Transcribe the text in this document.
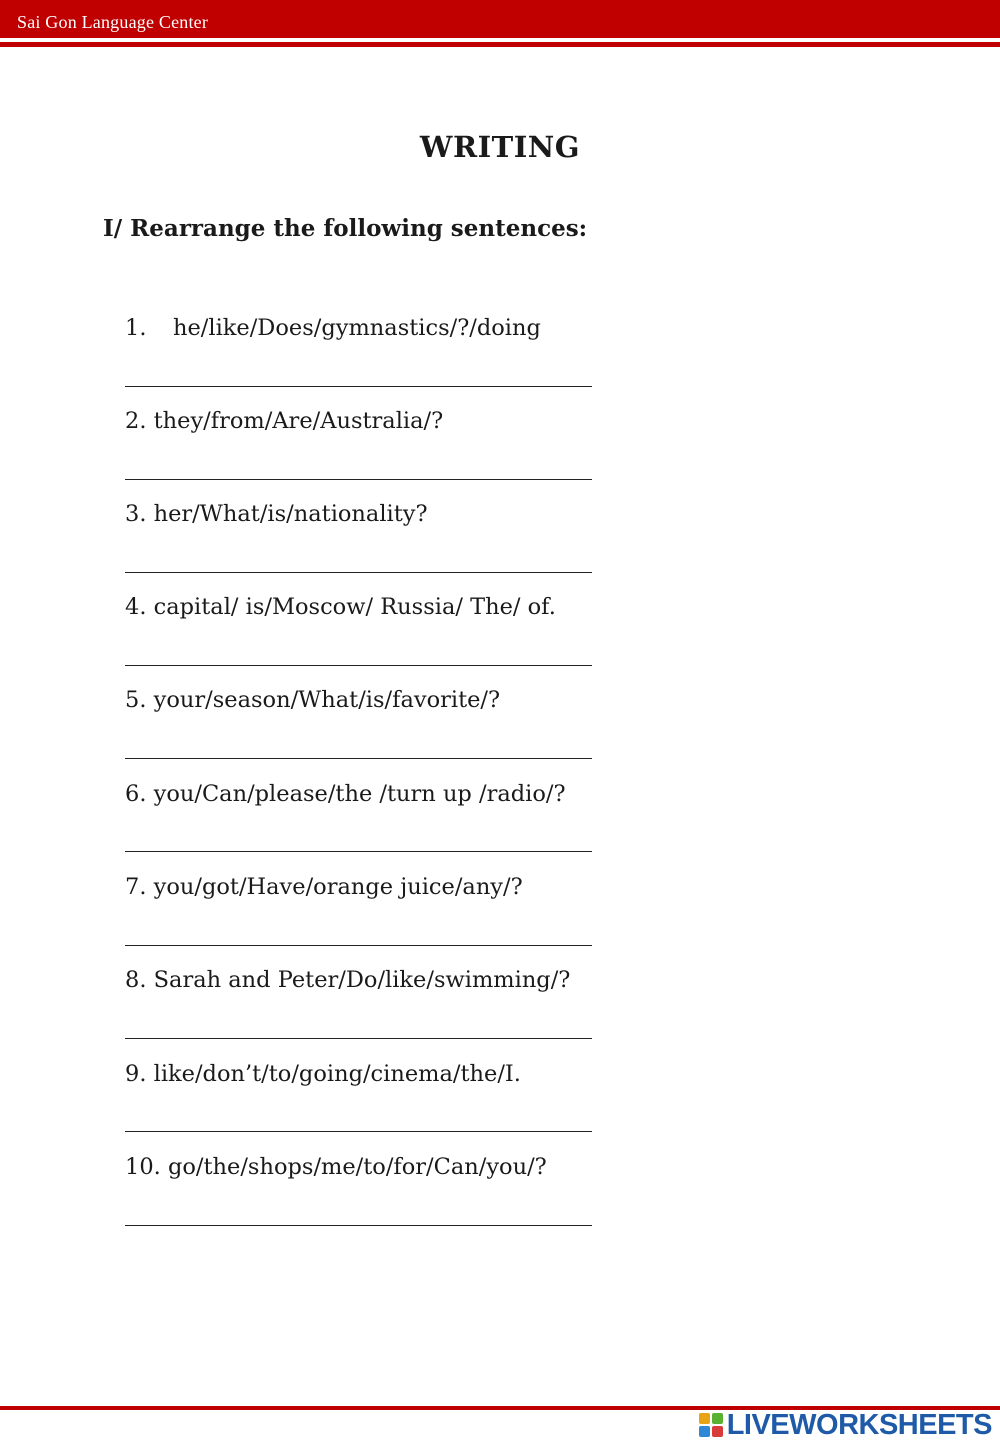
Sai Gon Language Center
WRITING
I/ Rearrange the following sentences:
1. he/like/Does/gymnastics/?/doing
2. they/from/Are/Australia/?
3. her/What/is/nationality?
4. capital/ is/Moscow/ Russia/ The/ of.
5. your/season/What/is/favorite/?
6. you/Can/please/the /turn up /radio/?
7. you/got/Have/orange juice/any/?
8. Sarah and Peter/Do/like/swimming/?
9. like/don’t/to/going/cinema/the/I.
10. go/the/shops/me/to/for/Can/you/?
LIVEWORKSHEETS
